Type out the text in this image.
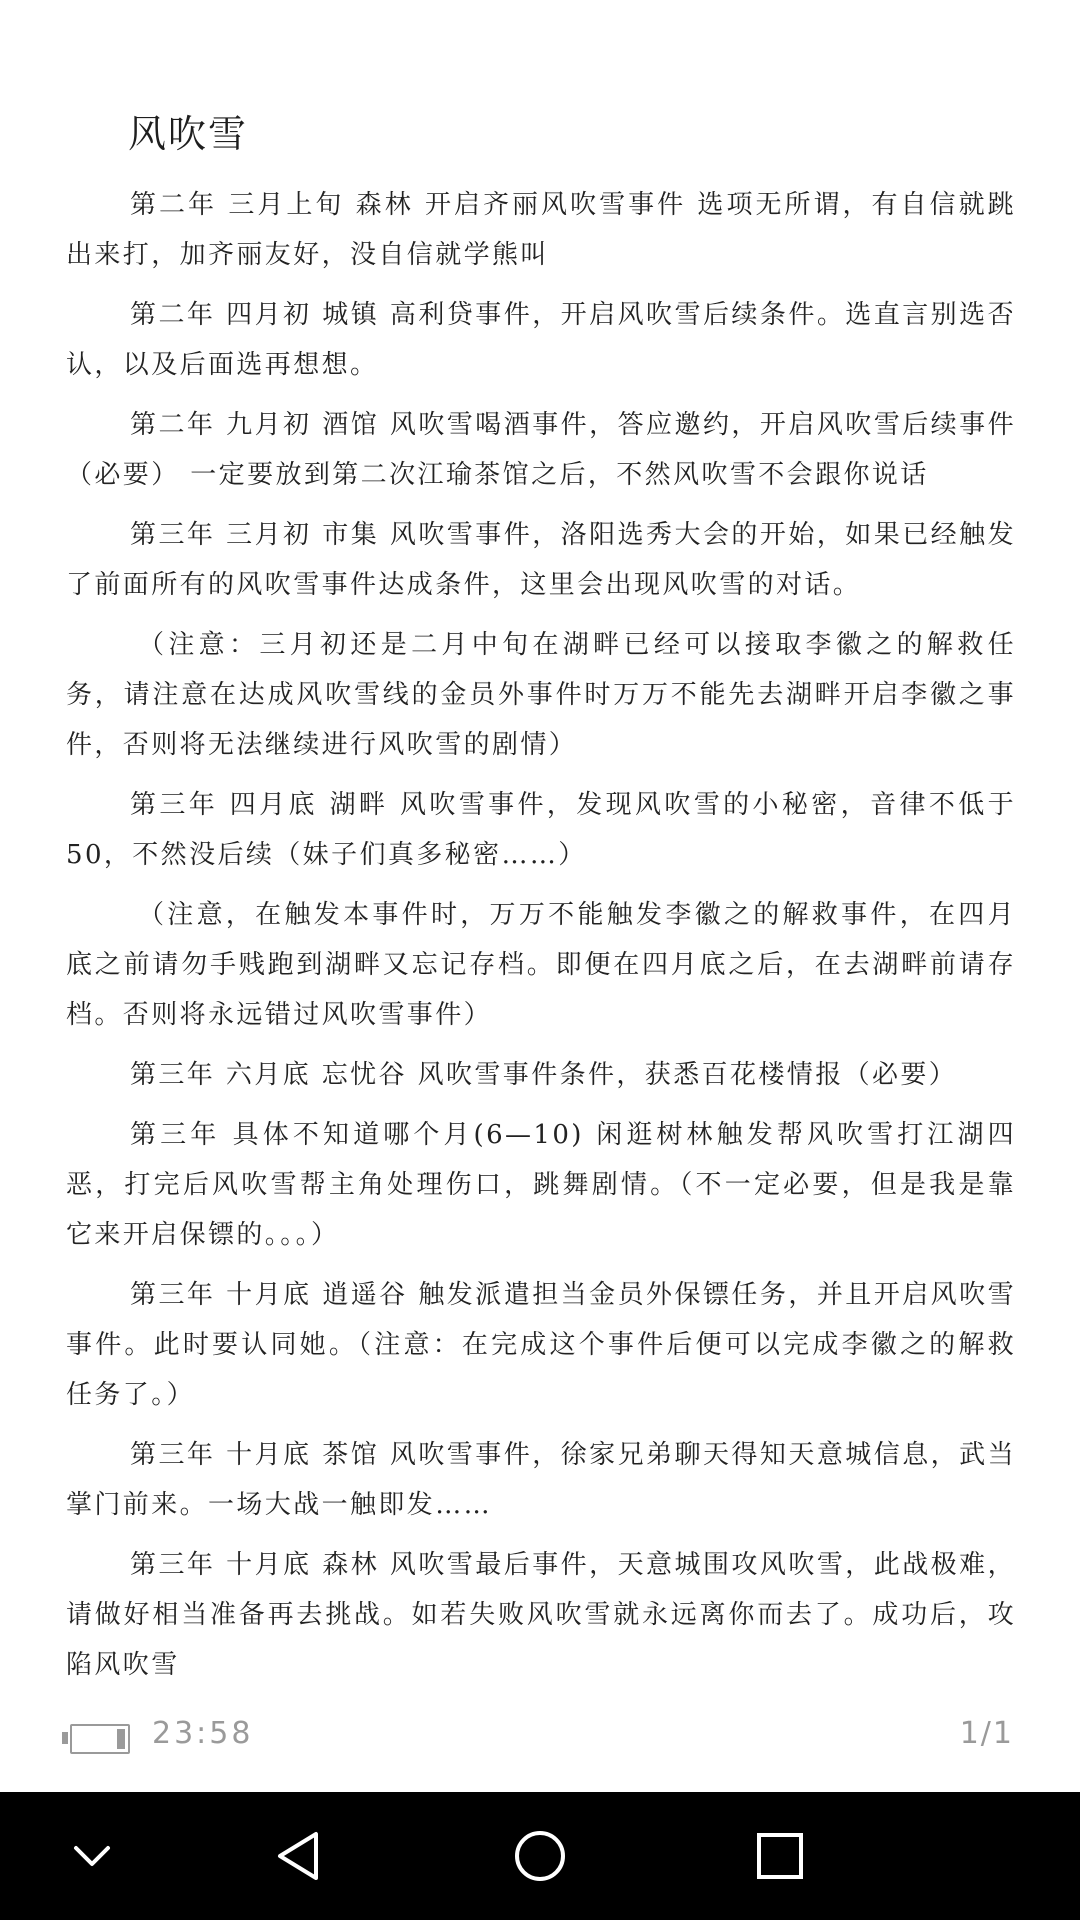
风吹雪

第二年 三月上旬 森林 开启齐丽风吹雪事件 选项无所谓，有自信就跳出来打，加齐丽友好，没自信就学熊叫

第二年 四月初 城镇 高利贷事件，开启风吹雪后续条件。选直言别选否认，以及后面选再想想。

第二年 九月初 酒馆 风吹雪喝酒事件，答应邀约，开启风吹雪后续事件（必要） 一定要放到第二次江瑜茶馆之后，不然风吹雪不会跟你说话

第三年 三月初 市集 风吹雪事件，洛阳选秀大会的开始，如果已经触发了前面所有的风吹雪事件达成条件，这里会出现风吹雪的对话。

（注意：三月初还是二月中旬在湖畔已经可以接取李徽之的解救任务，请注意在达成风吹雪线的金员外事件时万万不能先去湖畔开启李徽之事件，否则将无法继续进行风吹雪的剧情）

第三年 四月底 湖畔 风吹雪事件，发现风吹雪的小秘密，音律不低于50，不然没后续（妹子们真多秘密……）

（注意，在触发本事件时，万万不能触发李徽之的解救事件，在四月底之前请勿手贱跑到湖畔又忘记存档。即便在四月底之后，在去湖畔前请存档。否则将永远错过风吹雪事件）

第三年 六月底 忘忧谷 风吹雪事件条件，获悉百花楼情报（必要）

第三年 具体不知道哪个月(6—10) 闲逛树林触发帮风吹雪打江湖四恶，打完后风吹雪帮主角处理伤口，跳舞剧情。（不一定必要，但是我是靠它来开启保镖的。。。）

第三年 十月底 逍遥谷 触发派遣担当金员外保镖任务，并且开启风吹雪事件。此时要认同她。（注意：在完成这个事件后便可以完成李徽之的解救任务了。）

第三年 十月底 茶馆 风吹雪事件，徐家兄弟聊天得知天意城信息，武当掌门前来。一场大战一触即发……

第三年 十月底 森林 风吹雪最后事件，天意城围攻风吹雪，此战极难，请做好相当准备再去挑战。如若失败风吹雪就永远离你而去了。成功后，攻陷风吹雪

23:58	1/1
